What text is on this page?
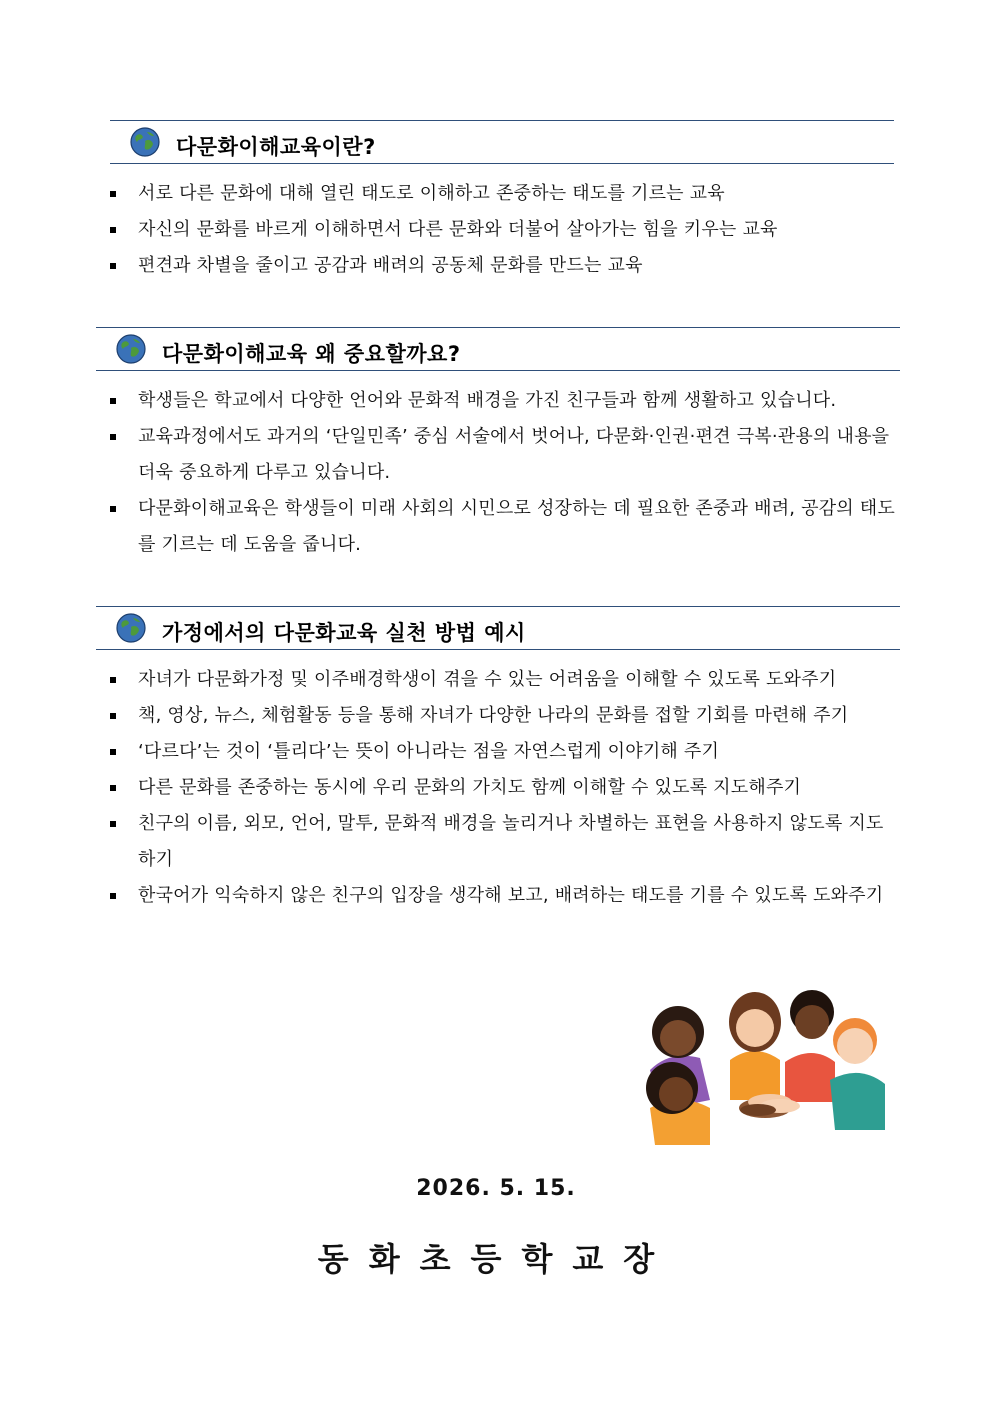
다문화이해교육이란?
서로 다른 문화에 대해 열린 태도로 이해하고 존중하는 태도를 기르는 교육
자신의 문화를 바르게 이해하면서 다른 문화와 더불어 살아가는 힘을 키우는 교육
편견과 차별을 줄이고 공감과 배려의 공동체 문화를 만드는 교육
다문화이해교육 왜 중요할까요?
학생들은 학교에서 다양한 언어와 문화적 배경을 가진 친구들과 함께 생활하고 있습니다.
교육과정에서도 과거의 ‘단일민족’ 중심 서술에서 벗어나, 다문화·인권·편견 극복·관용의 내용을 더욱 중요하게 다루고 있습니다.
다문화이해교육은 학생들이 미래 사회의 시민으로 성장하는 데 필요한 존중과 배려, 공감의 태도를 기르는 데 도움을 줍니다.
가정에서의 다문화교육 실천 방법 예시
자녀가 다문화가정 및 이주배경학생이 겪을 수 있는 어려움을 이해할 수 있도록 도와주기
책, 영상, 뉴스, 체험활동 등을 통해 자녀가 다양한 나라의 문화를 접할 기회를 마련해 주기
‘다르다’는 것이 ‘틀리다’는 뜻이 아니라는 점을 자연스럽게 이야기해 주기
다른 문화를 존중하는 동시에 우리 문화의 가치도 함께 이해할 수 있도록 지도해주기
친구의 이름, 외모, 언어, 말투, 문화적 배경을 놀리거나 차별하는 표현을 사용하지 않도록 지도하기
한국어가 익숙하지 않은 친구의 입장을 생각해 보고, 배려하는 태도를 기를 수 있도록 도와주기
2026. 5. 15.
동화초등학교장
